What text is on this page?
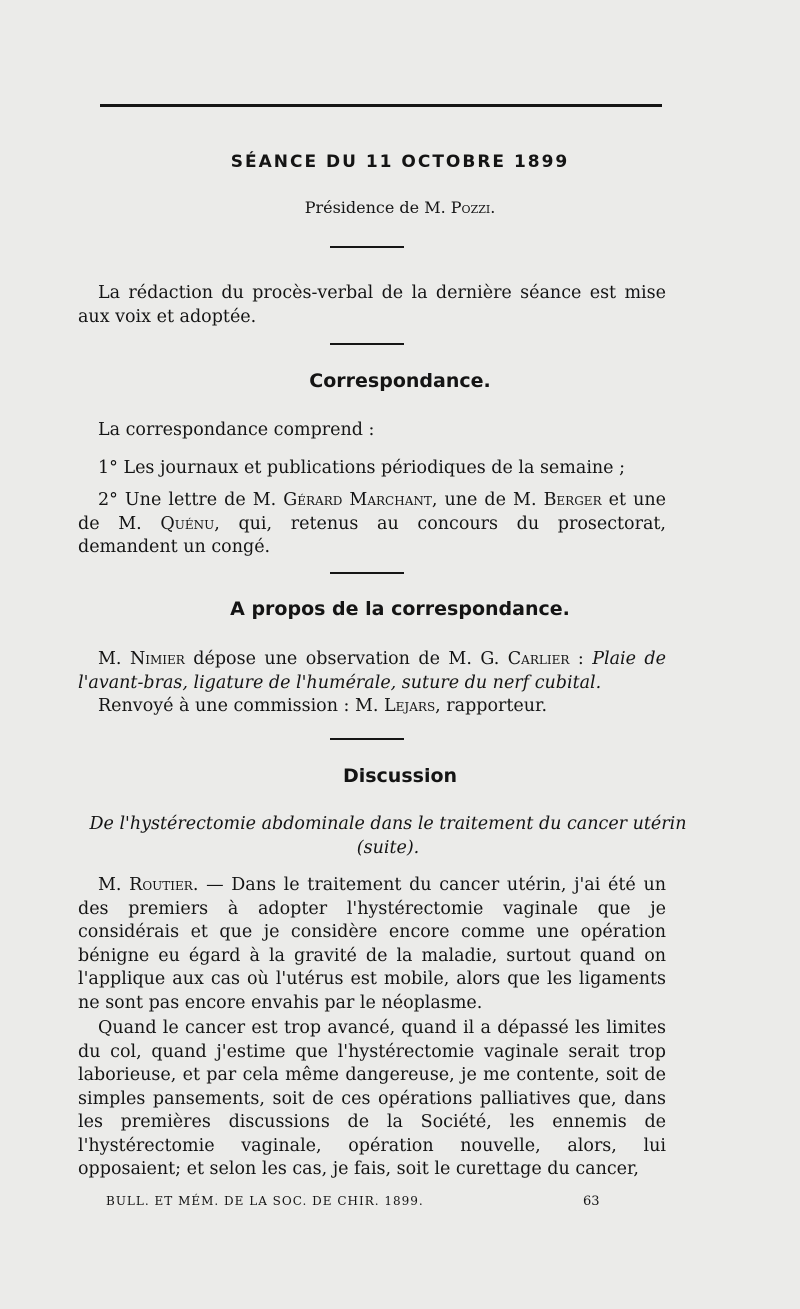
SÉANCE DU 11 OCTOBRE 1899
Présidence de M. Pozzi.
La rédaction du procès-verbal de la dernière séance est mise aux voix et adoptée.
Correspondance.
La correspondance comprend :
1° Les journaux et publications périodiques de la semaine ;
2° Une lettre de M. Gérard Marchant, une de M. Berger et une de M. Quénu, qui, retenus au concours du prosectorat, demandent un congé.
A propos de la correspondance.
M. Nimier dépose une observation de M. G. Carlier : Plaie de l'avant-bras, ligature de l'humérale, suture du nerf cubital.
Renvoyé à une commission : M. Lejars, rapporteur.
Discussion
De l'hystérectomie abdominale dans le traitement du cancer utérin (suite).
M. Routier. — Dans le traitement du cancer utérin, j'ai été un des premiers à adopter l'hystérectomie vaginale que je considérais et que je considère encore comme une opération bénigne eu égard à la gravité de la maladie, surtout quand on l'applique aux cas où l'utérus est mobile, alors que les ligaments ne sont pas encore envahis par le néoplasme.
Quand le cancer est trop avancé, quand il a dépassé les limites du col, quand j'estime que l'hystérectomie vaginale serait trop laborieuse, et par cela même dangereuse, je me contente, soit de simples pansements, soit de ces opérations palliatives que, dans les premières discussions de la Société, les ennemis de l'hystérectomie vaginale, opération nouvelle, alors, lui opposaient; et selon les cas, je fais, soit le curettage du cancer,
BULL. ET MÉM. DE LA SOC. DE CHIR. 1899.	63
